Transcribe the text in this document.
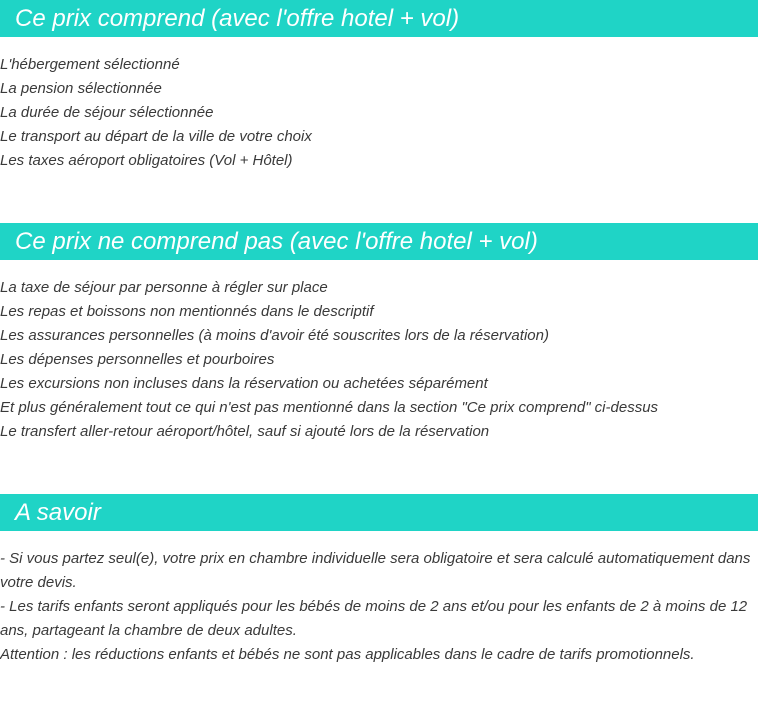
Ce prix comprend (avec l'offre hotel + vol)
L'hébergement sélectionné
La pension sélectionnée
La durée de séjour sélectionnée
Le transport au départ de la ville de votre choix
Les taxes aéroport obligatoires (Vol + Hôtel)
Ce prix ne comprend pas (avec l'offre hotel + vol)
La taxe de séjour par personne à régler sur place
Les repas et boissons non mentionnés dans le descriptif
Les assurances personnelles (à moins d'avoir été souscrites lors de la réservation)
Les dépenses personnelles et pourboires
Les excursions non incluses dans la réservation ou achetées séparément
Et plus généralement tout ce qui n'est pas mentionné dans la section "Ce prix comprend" ci-dessus
Le transfert aller-retour aéroport/hôtel, sauf si ajouté lors de la réservation
A savoir

- Si vous partez seul(e), votre prix en chambre individuelle sera obligatoire et sera calculé automatiquement dans votre devis.

- Les tarifs enfants seront appliqués pour les bébés de moins de 2 ans et/ou pour les enfants de 2 à moins de 12 ans, partageant la chambre de deux adultes.

Attention : les réductions enfants et bébés ne sont pas applicables dans le cadre de tarifs promotionnels.
